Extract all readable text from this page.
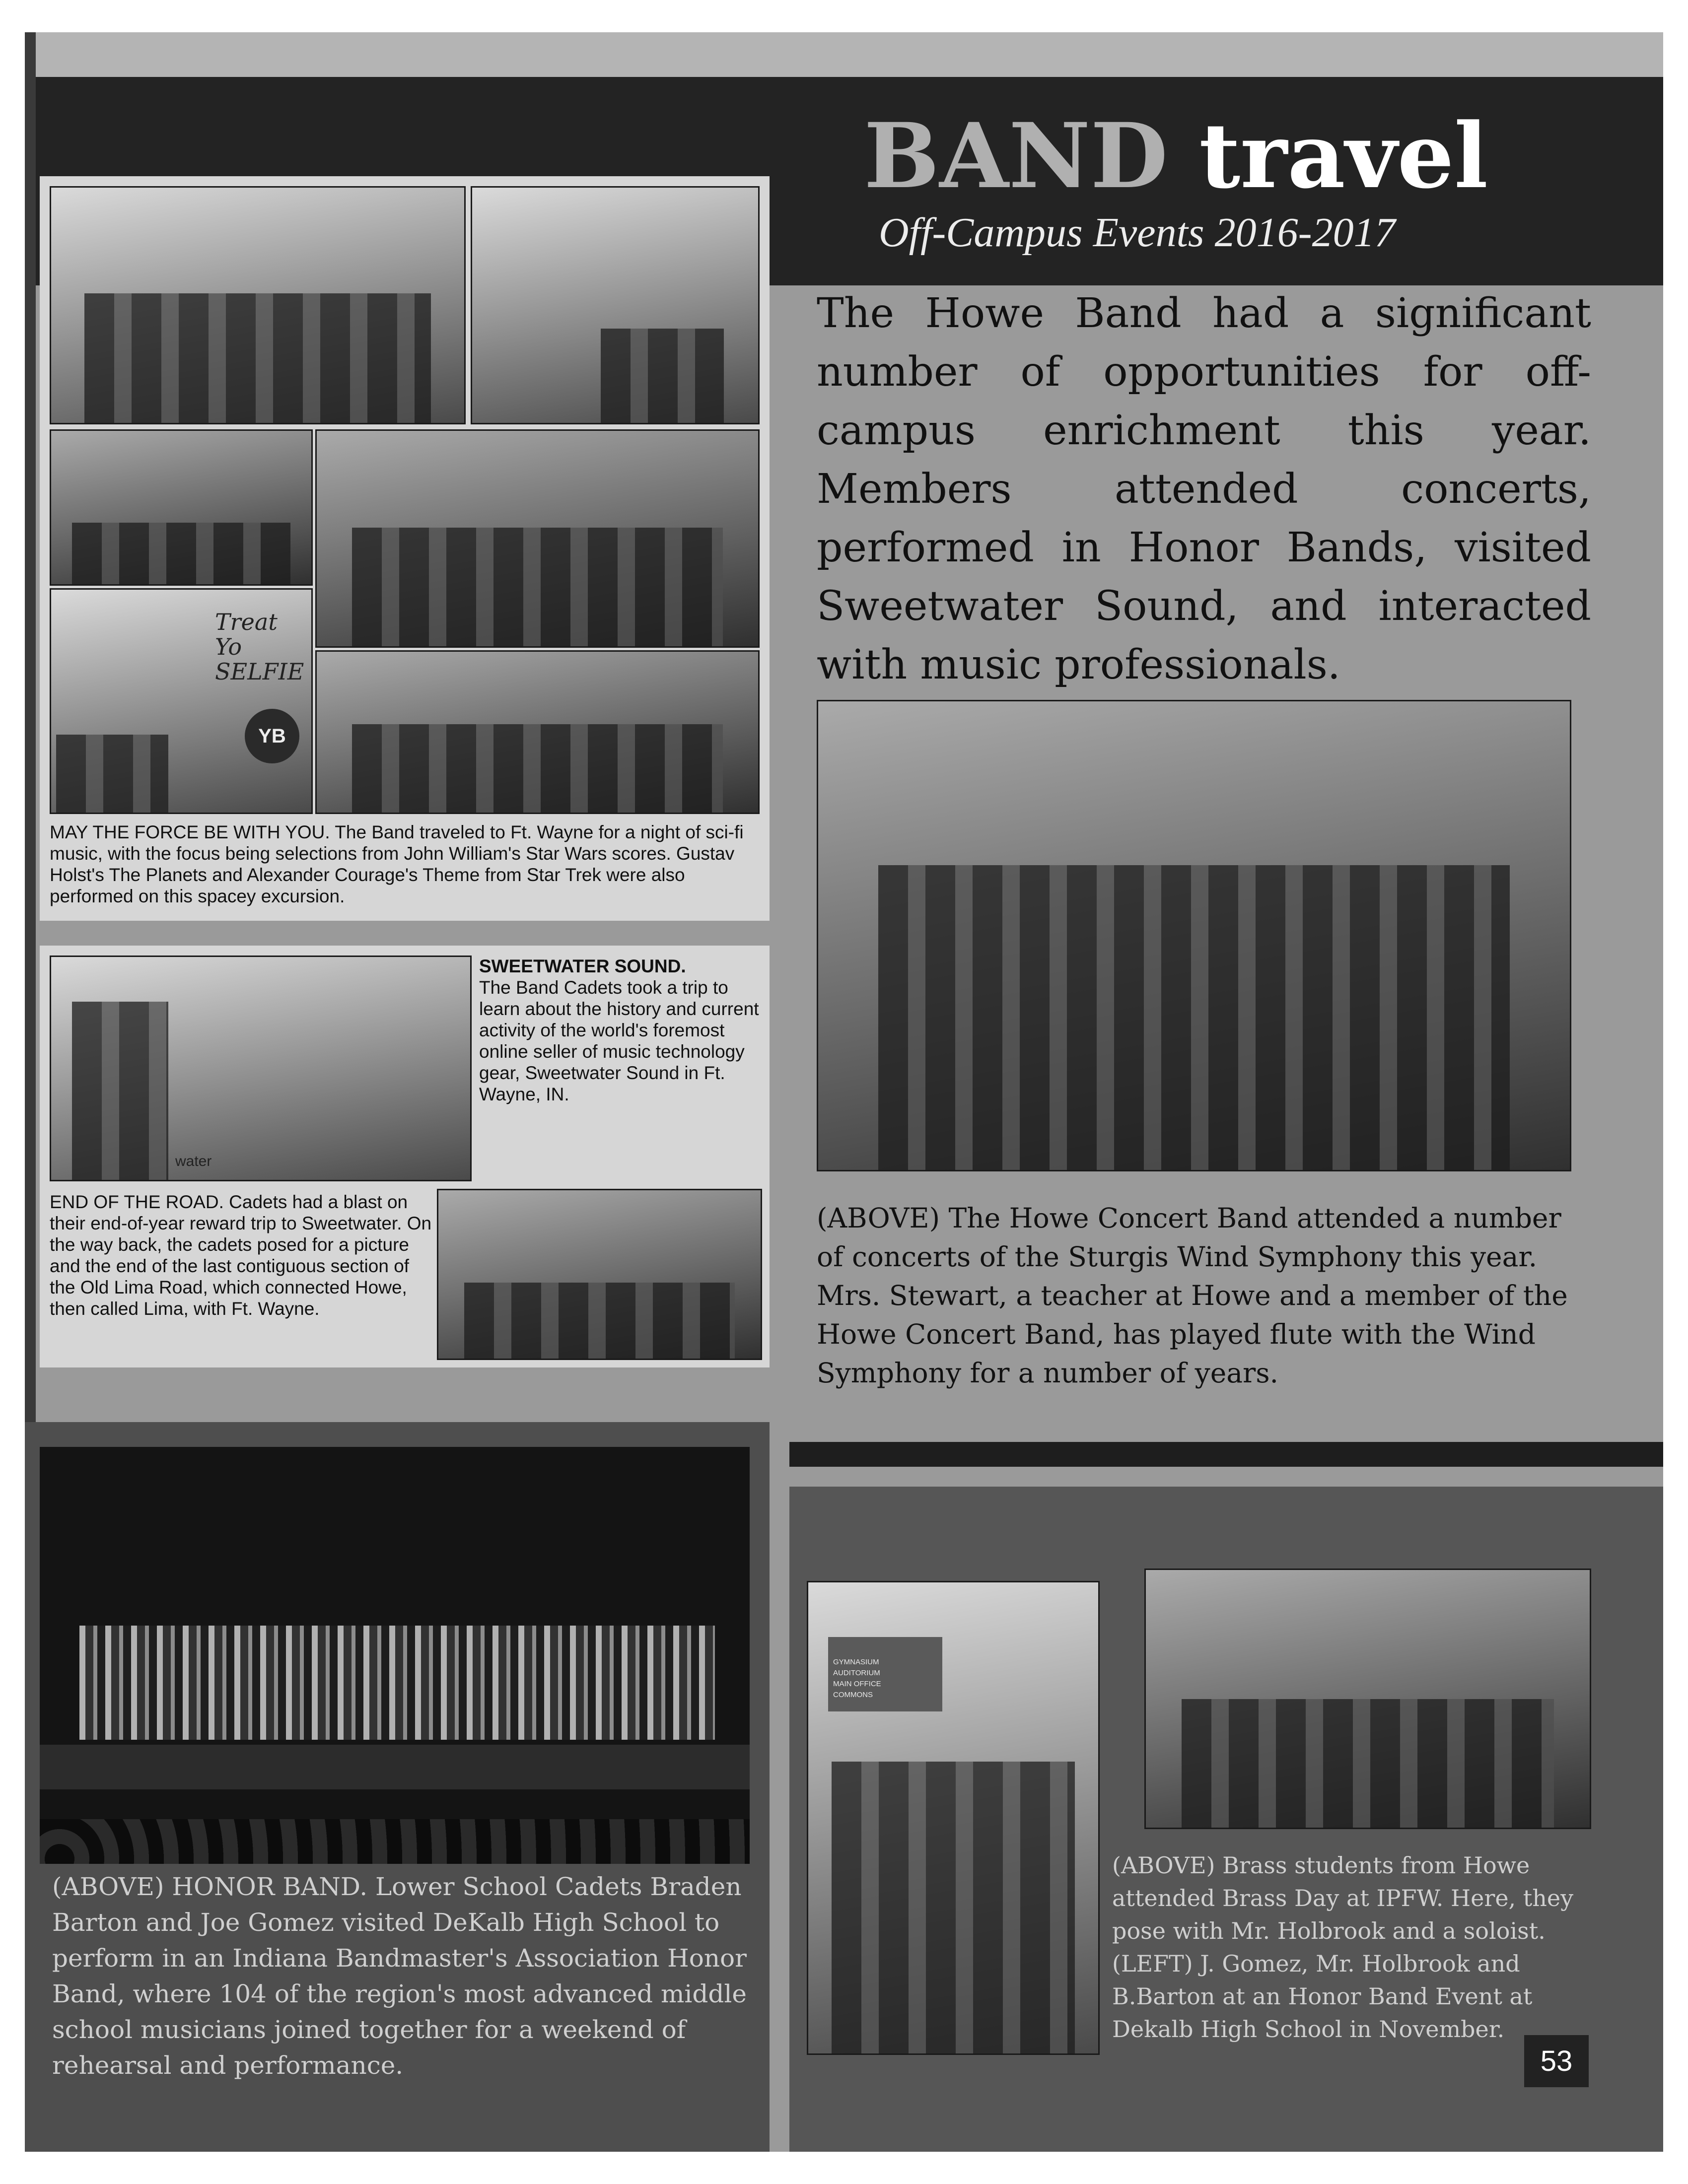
BAND travel
Off-Campus Events 2016-2017

The Howe Band had a significant number of opportunities for off-campus enrichment this year. Members attended concerts, performed in Honor Bands, visited Sweetwater Sound, and interacted with music professionals.

Treat Yo SELFIE
YB

MAY THE FORCE BE WITH YOU. The Band traveled to Ft. Wayne for a night of sci-fi music, with the focus being selections from John William's Star Wars scores. Gustav Holst's The Planets and Alexander Courage's Theme from Star Trek were also performed on this spacey excursion.

water

SWEETWATER SOUND.
The Band Cadets took a trip to learn about the history and current activity of the world's foremost online seller of music technology gear, Sweetwater Sound in Ft. Wayne, IN.

END OF THE ROAD. Cadets had a blast on their end-of-year reward trip to Sweetwater. On the way back, the cadets posed for a picture and the end of the last contiguous section of the Old Lima Road, which connected Howe, then called Lima, with Ft. Wayne.

(ABOVE) The Howe Concert Band attended a number of concerts of the Sturgis Wind Symphony this year. Mrs. Stewart, a teacher at Howe and a member of the Howe Concert Band, has played flute with the Wind Symphony for a number of years.

(ABOVE) HONOR BAND. Lower School Cadets Braden Barton and Joe Gomez visited DeKalb High School to perform in an Indiana Bandmaster's Association Honor Band, where 104 of the region's most advanced middle school musicians joined together for a weekend of rehearsal and performance.

GYMNASIUM
AUDITORIUM
MAIN OFFICE
COMMONS

(ABOVE) Brass students from Howe attended Brass Day at IPFW. Here, they pose with Mr. Holbrook and a soloist. (LEFT) J. Gomez, Mr. Holbrook and B.Barton at an Honor Band Event at Dekalb High School in November.

53
